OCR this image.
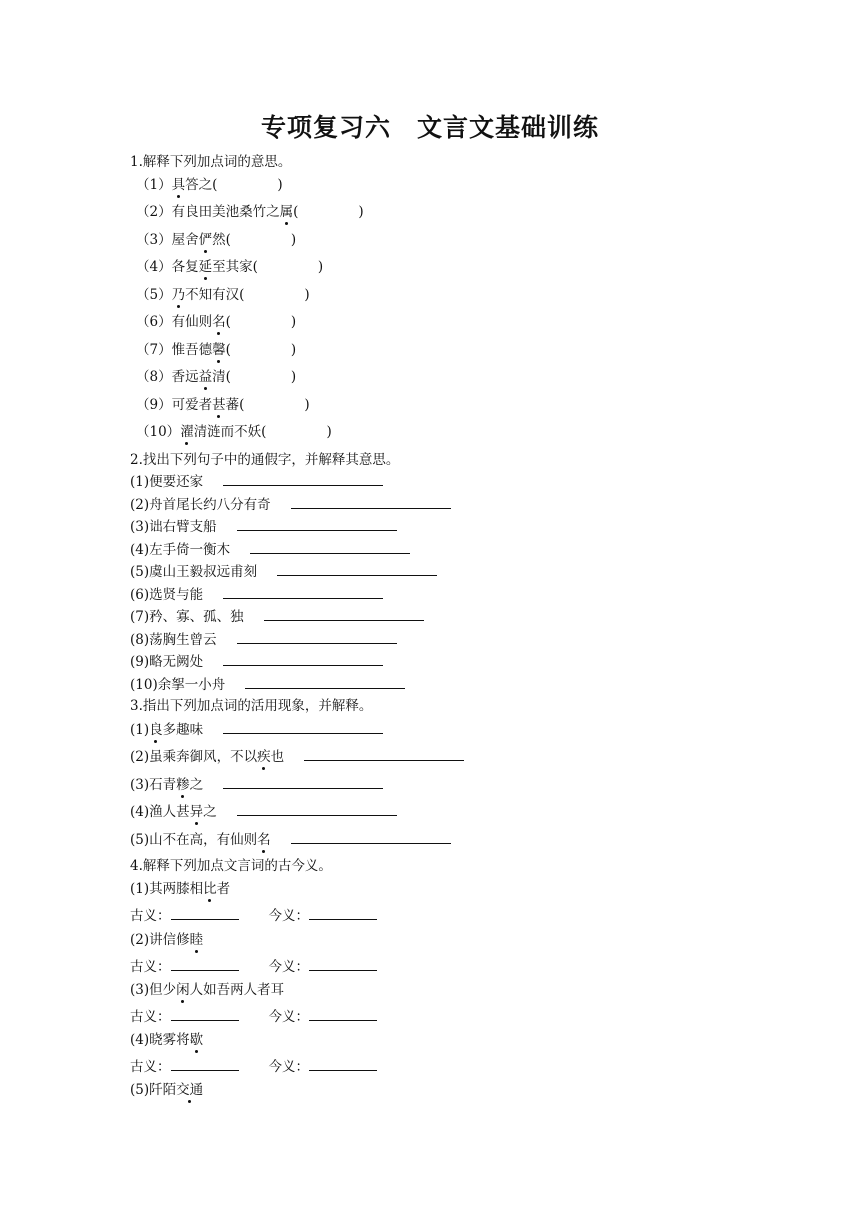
专项复习六　文言文基础训练
1.解释下列加点词的意思。
（1）具答之(	)
（2）有良田美池桑竹之属(	)
（3）屋舍俨然(	)
（4）各复延至其家(	)
（5）乃不知有汉(	)
（6）有仙则名(	)
（7）惟吾德馨(	)
（8）香远益清(	)
（9）可爱者甚蕃(	)
（10）濯清涟而不妖(	)
2.找出下列句子中的通假字，并解释其意思。
(1)便要还家
(2)舟首尾长约八分有奇
(3)诎右臂支船
(4)左手倚一衡木
(5)虞山王毅叔远甫刻
(6)选贤与能
(7)矜、寡、孤、独
(8)荡胸生曾云
(9)略无阙处
(10)余挐一小舟
3.指出下列加点词的活用现象，并解释。
(1)良多趣味
(2)虽乘奔御风，不以疾也
(3)石青糁之
(4)渔人甚异之
(5)山不在高，有仙则名
4.解释下列加点文言词的古今义。
(1)其两膝相比者
古义：	今义：
(2)讲信修睦
古义：	今义：
(3)但少闲人如吾两人者耳
古义：	今义：
(4)晓雾将歇
古义：	今义：
(5)阡陌交通
